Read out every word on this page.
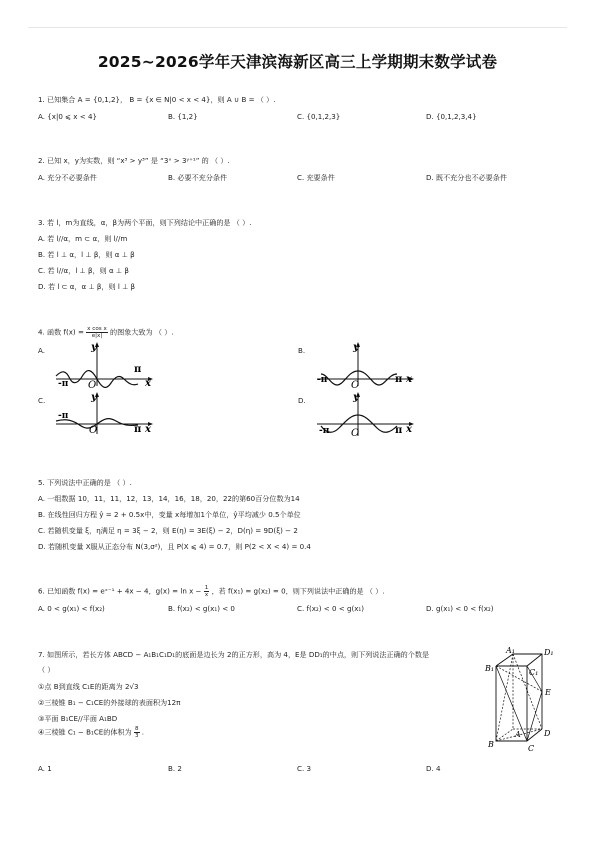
2025~2026学年天津滨海新区高三上学期期末数学试卷
1. 已知集合 A = {0,1,2}， B = {x ∈ N|0 < x < 4}，则 A ∪ B = （ ）.
A. {x|0 ⩽ x < 4}	B. {1,2}	C. {0,1,2,3}	D. {0,1,2,3,4}
2. 已知 x，y为实数，则 “x³ > y³” 是 “3ˣ > 3ʸ⁺¹” 的 （ ）.
A. 充分不必要条件	B. 必要不充分条件	C. 充要条件	D. 既不充分也不必要条件
3. 若 l，m为直线，α，β为两个平面，则下列结论中正确的是 （ ）.
A. 若 l//α，m ⊂ α，则 l//m
B. 若 l ⊥ α，l ⊥ β，则 α ⊥ β
C. 若 l//α，l ⊥ β，则 α ⊥ β
D. 若 l ⊂ α，α ⊥ β，则 l ⊥ β
4. 函数 $f(x) = \frac{\text{x cos x}}{e|x|}$ 的图象大致为 （ ）.
A.	B.
C.	D.
y
x
O
π
-π
y
x
O
π
-π
y
x
O	π
-π
y
x
O	π
-π
5. 下列说法中正确的是 （ ）.
A. 一组数据 10，11，11，12，13，14，16，18，20，22的第60百分位数为14
B. 在线性回归方程 ŷ = 2 + 0.5x中，变量 x每增加1个单位，ŷ平均减少 0.5个单位
C. 若随机变量 ξ，η满足 η = 3ξ − 2，则 E(η) = 3E(ξ) − 2，D(η) = 9D(ξ) − 2
D. 若随机变量 X服从正态分布 N(3,σ²)，且 P(X ⩽ 4) = 0.7，则 P(2 < X < 4) = 0.4
6. 已知函数 f(x) = eˣ⁻¹ + 4x − 4，$g(x) = \ln x - \frac{1}{x}$ ，若 f(x₁) = g(x₂) = 0，则下列说法中正确的是 （ ）.
A. 0 < g(x₁) < f(x₂)	B. f(x₂) < g(x₁) < 0	C. f(x₂) < 0 < g(x₁)	D. g(x₁) < 0 < f(x₂)
7. 如图所示，若长方体 ABCD − A₁B₁C₁D₁的底面是边长为 2的正方形，高为 4，E是 DD₁的中点，则下列说法正确的个数是
（ ）
①点 B到直线 C₁E的距离为 2√3
②三棱锥 B₁ − C₁CE的外接球的表面积为12π
③平面 B₁CE//平面 A₁BD
④三棱锥 C₁ − B₁CE的体积为 $\frac{8}{3}$ .
A. 1	B. 2	C. 3	D. 4
A₁	D₁
B₁	C₁
E
A	D
B	C
